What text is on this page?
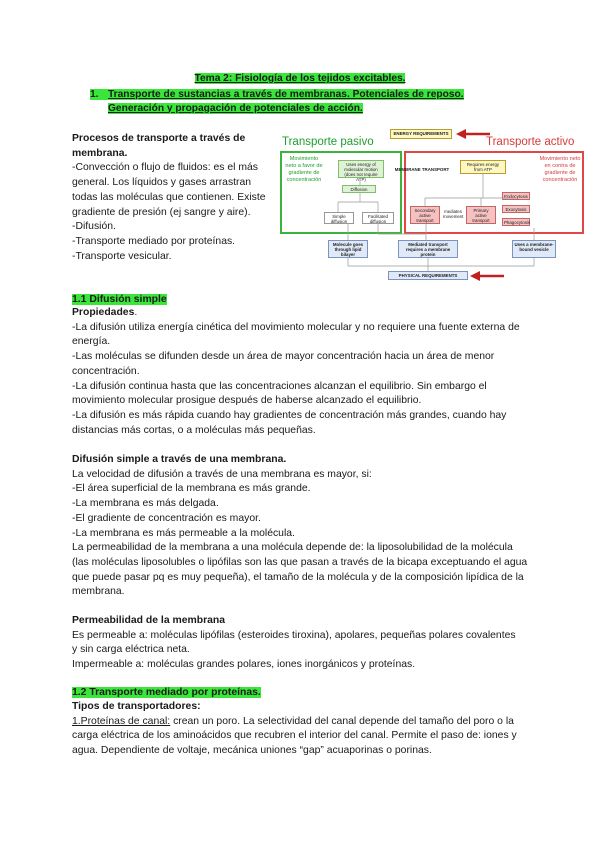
Tema 2: Fisiología de los tejidos excitables.
1. Transporte de sustancias a través de membranas. Potenciales de reposo.
Generación y propagación de potenciales de acción.

Procesos de transporte a través de membrana.

-Convección o flujo de fluidos: es el más general. Los líquidos y gases arrastran todas las moléculas que contienen. Existe gradiente de presión (ej sangre y aire).

-Difusión.

-Transporte mediado por proteínas.

-Transporte vesicular.

Transporte pasivo	Transporte activo
ENERGY REQUIREMENTS
Movimiento neto a favor de gradiente de concentración
Movimiento neto en contra de gradiente de concentración
Uses energy of molecular motion (does not require ATP)
MEMBRANE TRANSPORT
Requires energy from ATP
Diffusion
Simple diffusion
Facilitated diffusion
Secondary active transport
mediates movement
Primary active transport
Endocytosis
Exocytosis
Phagocytosis
Molecule goes through lipid bilayer
Mediated transport requires a membrane protein
Uses a membrane-bound vesicle
PHYSICAL REQUIREMENTS
1.1 Difusión simple

Propiedades.

-La difusión utiliza energía cinética del movimiento molecular y no requiere una fuente externa de energía.

-Las moléculas se difunden desde un área de mayor concentración hacia un área de menor concentración.

-La difusión continua hasta que las concentraciones alcanzan el equilibrio. Sin embargo el movimiento molecular prosigue después de haberse alcanzado el equilibrio.

-La difusión es más rápida cuando hay gradientes de concentración más grandes, cuando hay distancias más cortas, o a moléculas más pequeñas.

Difusión simple a través de una membrana.

La velocidad de difusión a través de una membrana es mayor, si:

-El área superficial de la membrana es más grande.

-La membrana es más delgada.

-El gradiente de concentración es mayor.

-La membrana es más permeable a la molécula.

La permeabilidad de la membrana a una molécula depende de: la liposolubilidad de la molécula (las moléculas liposolubles o lipófilas son las que pasan a través de la bicapa exceptuando el agua que puede pasar pq es muy pequeña), el tamaño de la molécula y de la composición lipídica de la membrana.

Permeabilidad de la membrana

Es permeable a: moléculas lipófilas (esteroides tiroxina), apolares, pequeñas polares covalentes y sin carga eléctrica neta.

Impermeable a: moléculas grandes polares, iones inorgánicos y proteínas.

1.2 Transporte mediado por proteínas.

Tipos de transportadores:

1.Proteínas de canal: crean un poro. La selectividad del canal depende del tamaño del poro o la carga eléctrica de los aminoácidos que recubren el interior del canal. Permite el paso de: iones y agua. Dependiente de voltaje, mecánica uniones “gap” acuaporinas o porinas.
